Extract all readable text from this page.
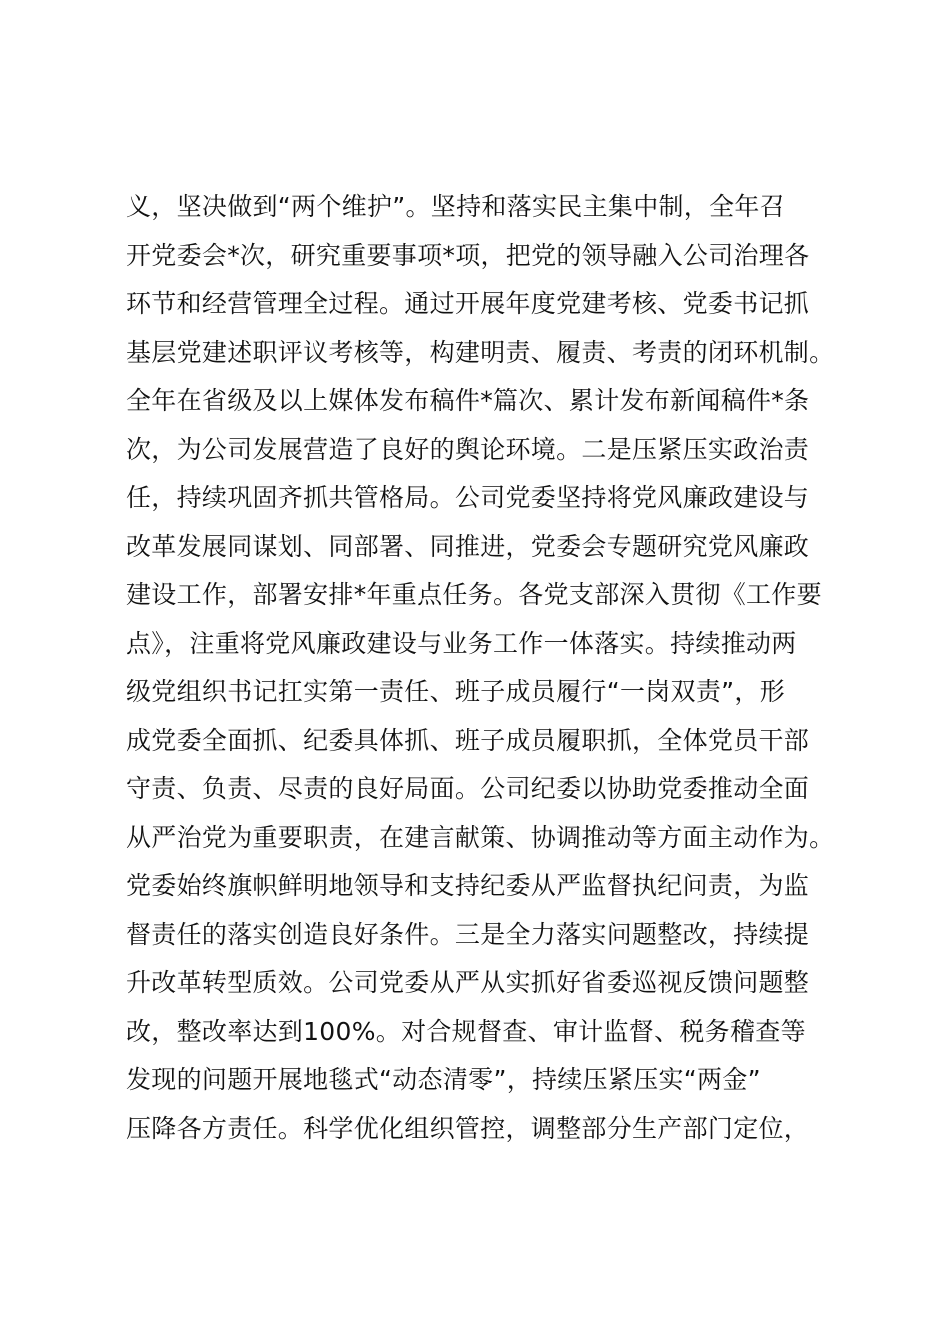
义，坚决做到“两个维护”。坚持和落实民主集中制，全年召
开党委会*次，研究重要事项*项，把党的领导融入公司治理各
环节和经营管理全过程。通过开展年度党建考核、党委书记抓
基层党建述职评议考核等，构建明责、履责、考责的闭环机制。
全年在省级及以上媒体发布稿件*篇次、累计发布新闻稿件*条
次，为公司发展营造了良好的舆论环境。二是压紧压实政治责
任，持续巩固齐抓共管格局。公司党委坚持将党风廉政建设与
改革发展同谋划、同部署、同推进，党委会专题研究党风廉政
建设工作，部署安排*年重点任务。各党支部深入贯彻《工作要
点》，注重将党风廉政建设与业务工作一体落实。持续推动两
级党组织书记扛实第一责任、班子成员履行“一岗双责”，形
成党委全面抓、纪委具体抓、班子成员履职抓，全体党员干部
守责、负责、尽责的良好局面。公司纪委以协助党委推动全面
从严治党为重要职责，在建言献策、协调推动等方面主动作为。
党委始终旗帜鲜明地领导和支持纪委从严监督执纪问责，为监
督责任的落实创造良好条件。三是全力落实问题整改，持续提
升改革转型质效。公司党委从严从实抓好省委巡视反馈问题整
改，整改率达到100%。对合规督查、审计监督、税务稽查等
发现的问题开展地毯式“动态清零”，持续压紧压实“两金”
压降各方责任。科学优化组织管控，调整部分生产部门定位，
